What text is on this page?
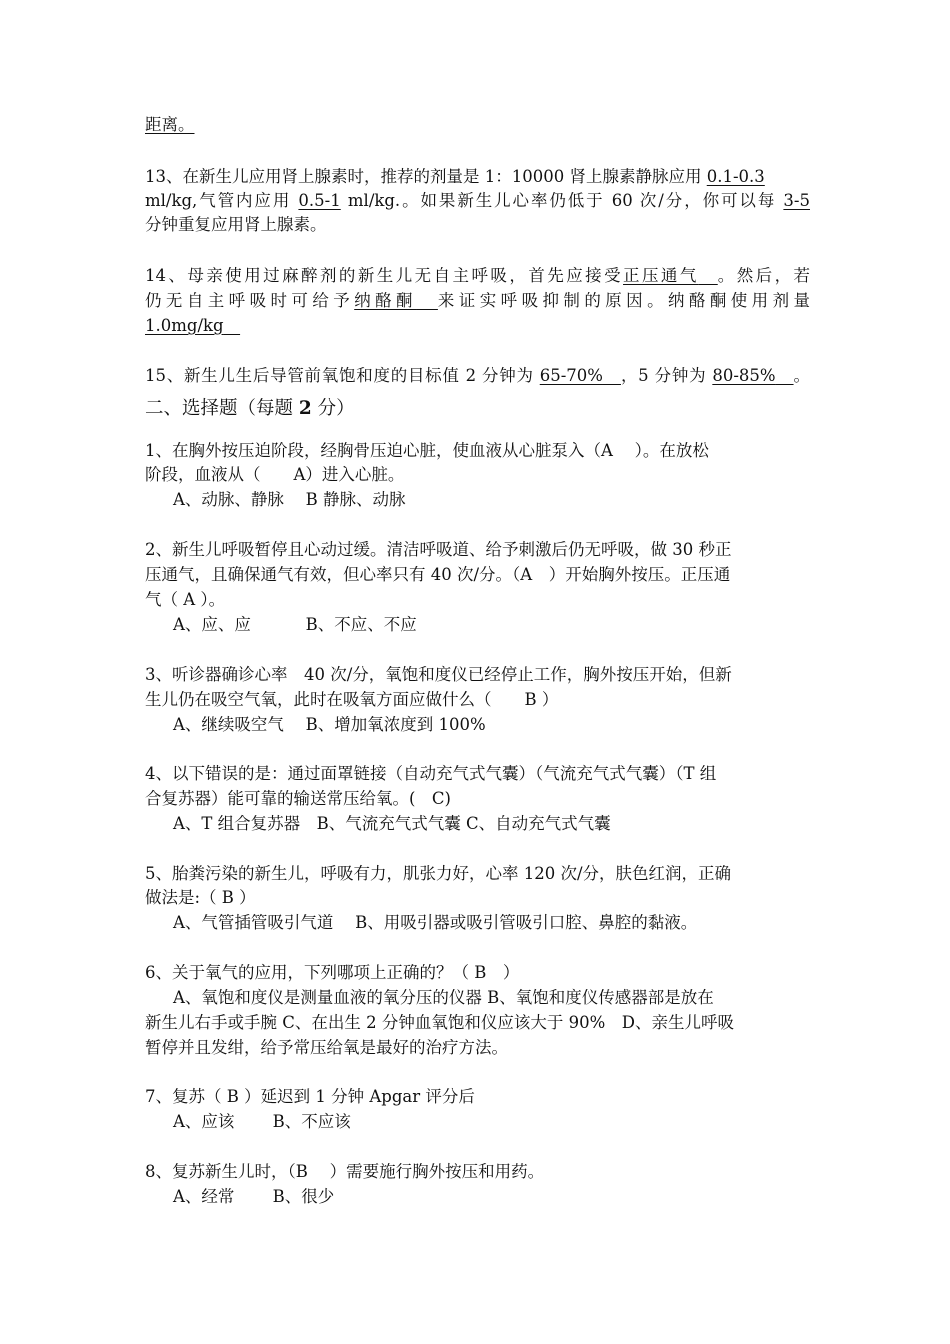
距离。
13、在新生儿应用肾上腺素时，推荐的剂量是 1：10000 肾上腺素静脉应用 0.1-0.3
ml/kg,气管内应用 0.5-1 ml/kg.。如果新生儿心率仍低于 60 次/分，你可以每 3-5
分钟重复应用肾上腺素。
14、母亲使用过麻醉剂的新生儿无自主呼吸，首先应接受正压通气　 。然后，若
仍无自主呼吸时可给予纳酪酮　 来证实呼吸抑制的原因。纳酪酮使用剂量
1.0mg/kg　
15、新生儿生后导管前氧饱和度的目标值 2 分钟为 65-70%　 ，5 分钟为 80-85%　 。
二、选择题（每题 2 分）
1、在胸外按压迫阶段，经胸骨压迫心脏，使血液从心脏泵入（A　 ）。在放松
阶段，血液从（　　A）进入心脏。
A、动脉、静脉　 B 静脉、动脉
2、新生儿呼吸暂停且心动过缓。清洁呼吸道、给予刺激后仍无呼吸，做 30 秒正
压通气，且确保通气有效，但心率只有 40 次/分。（A　）开始胸外按压。正压通
气（ A ）。
A、应、应　　　 B、不应、不应
3、听诊器确诊心率　40 次/分，氧饱和度仪已经停止工作，胸外按压开始，但新
生儿仍在吸空气氧，此时在吸氧方面应做什么（　　B ）
A、继续吸空气　 B、增加氧浓度到 100%
4、以下错误的是：通过面罩链接（自动充气式气囊）（气流充气式气囊）（T 组
合复苏器）能可靠的输送常压给氧。(　C)
A、T 组合复苏器　B、气流充气式气囊 C、自动充气式气囊
5、胎粪污染的新生儿，呼吸有力，肌张力好，心率 120 次/分，肤色红润，正确
做法是:（ B ）
A、气管插管吸引气道　 B、用吸引器或吸引管吸引口腔、鼻腔的黏液。
6、关于氧气的应用，下列哪项上正确的？（ B　）
A、氧饱和度仪是测量血液的氧分压的仪器 B、氧饱和度仪传感器部是放在
新生儿右手或手腕 C、在出生 2 分钟血氧饱和仪应该大于 90%　D、亲生儿呼吸
暂停并且发绀，给予常压给氧是最好的治疗方法。
7、复苏（ B ）延迟到 1 分钟 Apgar 评分后
A、应该　　 B、不应该
8、复苏新生儿时，（B　 ）需要施行胸外按压和用药。
A、经常　　 B、很少
